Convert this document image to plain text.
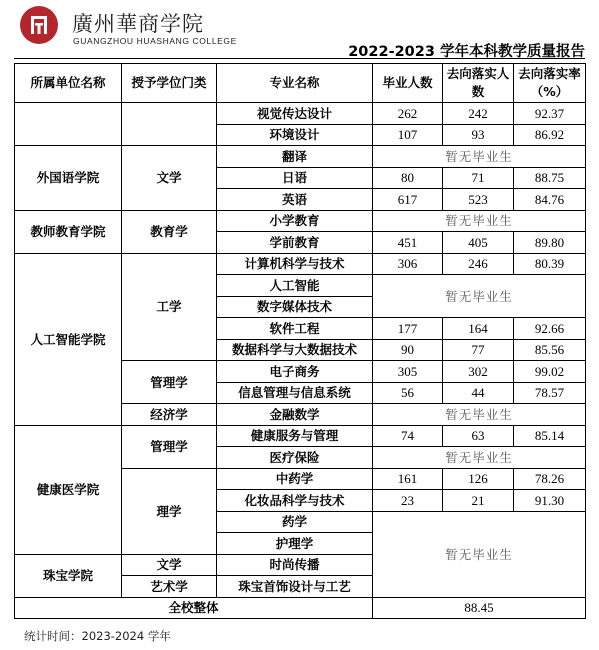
廣州華商学院
GUANGZHOU HUASHANG COLLEGE
2022-2023 学年本科教学质量报告
所属单位名称	授予学位门类	专业名称	毕业人数	去向落实人数	去向落实率（%）
		视觉传达设计	262	242	92.37
		环境设计	107	93	86.92
外国语学院	文学	翻译	暂无毕业生		
		日语	80	71	88.75
		英语	617	523	84.76
教师教育学院	教育学	小学教育	暂无毕业生		
		学前教育	451	405	89.80
人工智能学院	工学	计算机科学与技术	306	246	80.39
		人工智能	暂无毕业生		
		数字媒体技术			
		软件工程	177	164	92.66
		数据科学与大数据技术	90	77	85.56
	管理学	电子商务	305	302	99.02
		信息管理与信息系统	56	44	78.57
	经济学	金融数学	暂无毕业生		
健康医学院	管理学	健康服务与管理	74	63	85.14
		医疗保险	暂无毕业生		
	理学	中药学	161	126	78.26
		化妆品科学与技术	23	21	91.30
		药学	暂无毕业生		
		护理学			
珠宝学院	文学	时尚传播			
	艺术学	珠宝首饰设计与工艺			
全校整体			88.45		
统计时间：2023-2024 学年
